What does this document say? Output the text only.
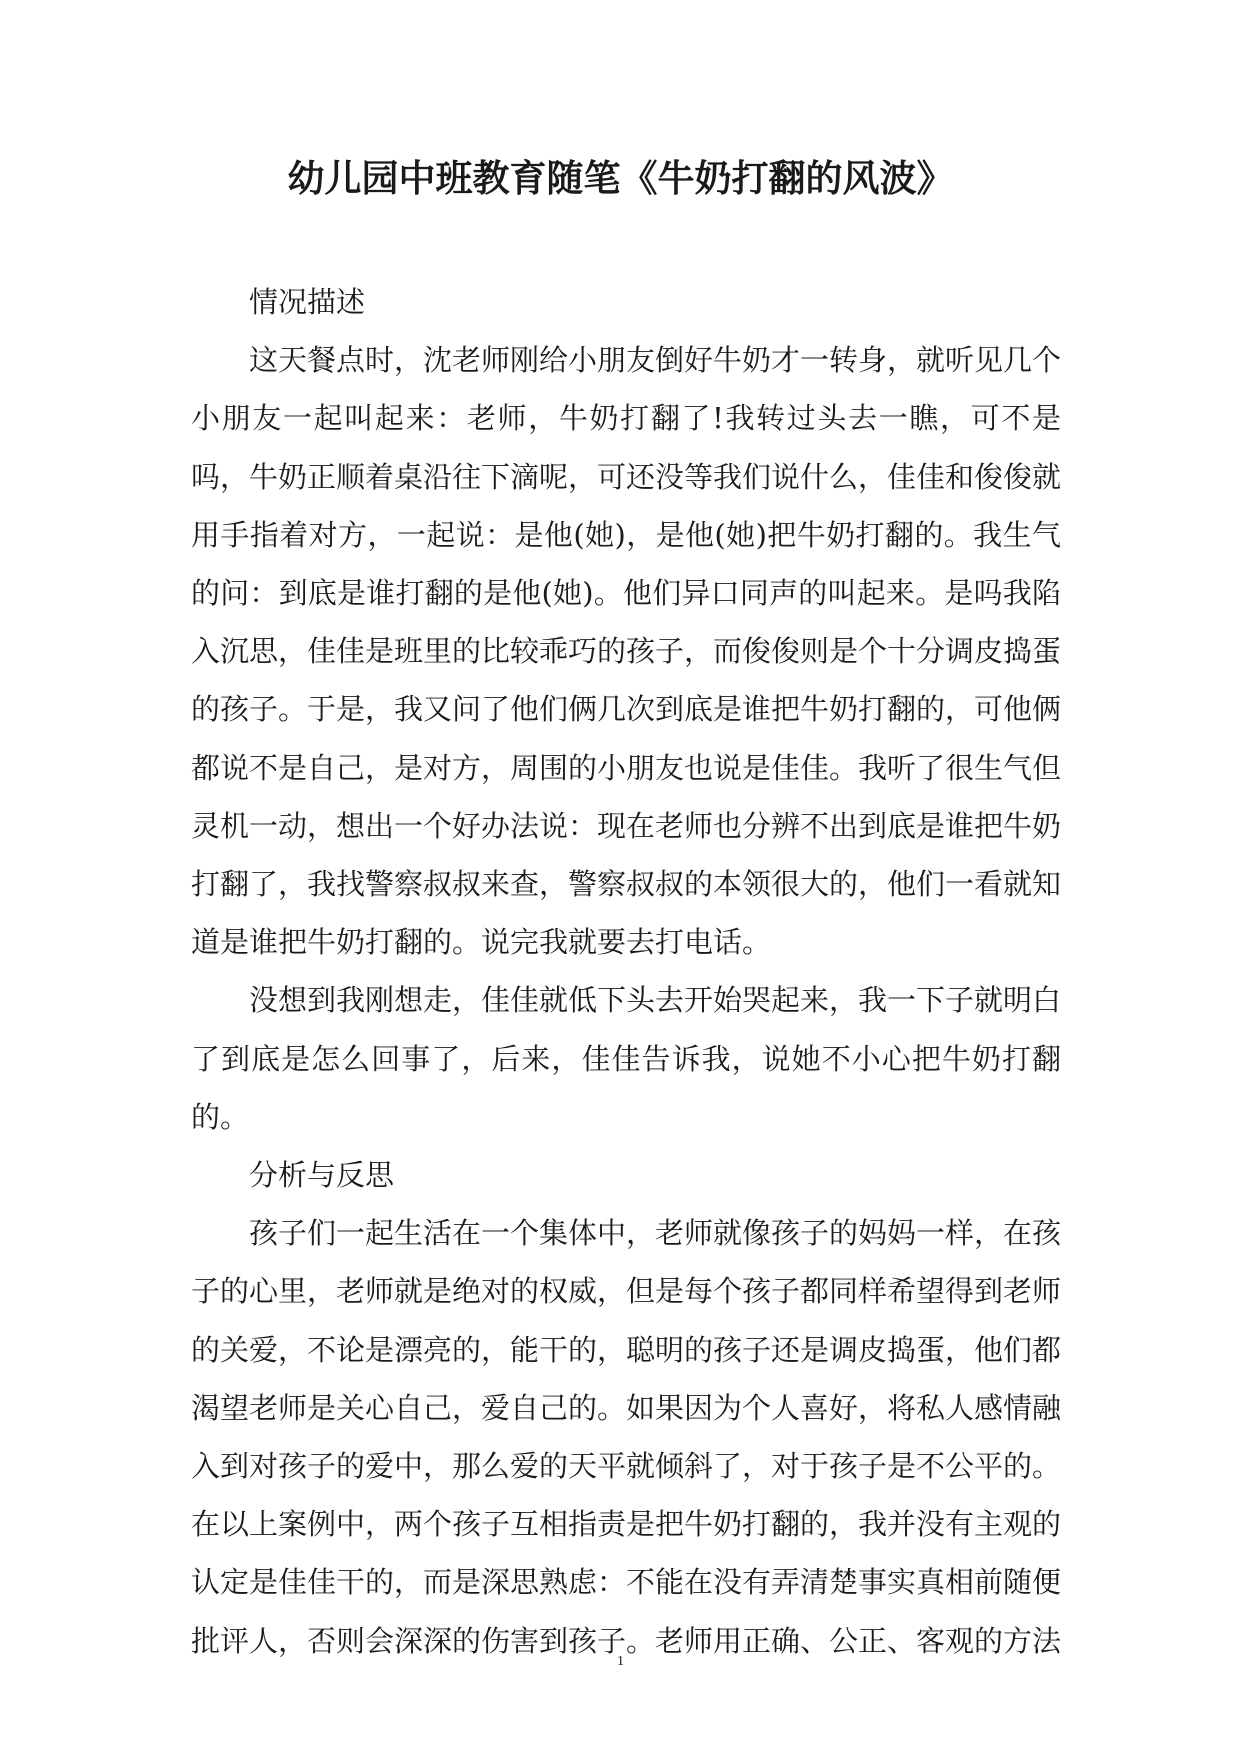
幼儿园中班教育随笔《牛奶打翻的风波》

情况描述

这天餐点时，沈老师刚给小朋友倒好牛奶才一转身，就听见几个小朋友一起叫起来：老师，牛奶打翻了!我转过头去一瞧，可不是吗，牛奶正顺着桌沿往下滴呢，可还没等我们说什么，佳佳和俊俊就用手指着对方，一起说：是他(她)，是他(她)把牛奶打翻的。我生气的问：到底是谁打翻的是他(她)。他们异口同声的叫起来。是吗我陷入沉思，佳佳是班里的比较乖巧的孩子，而俊俊则是个十分调皮捣蛋的孩子。于是，我又问了他们俩几次到底是谁把牛奶打翻的，可他俩都说不是自己，是对方，周围的小朋友也说是佳佳。我听了很生气但灵机一动，想出一个好办法说：现在老师也分辨不出到底是谁把牛奶打翻了，我找警察叔叔来查，警察叔叔的本领很大的，他们一看就知道是谁把牛奶打翻的。说完我就要去打电话。

没想到我刚想走，佳佳就低下头去开始哭起来，我一下子就明白了到底是怎么回事了，后来，佳佳告诉我，说她不小心把牛奶打翻的。

分析与反思

孩子们一起生活在一个集体中，老师就像孩子的妈妈一样，在孩子的心里，老师就是绝对的权威，但是每个孩子都同样希望得到老师的关爱，不论是漂亮的，能干的，聪明的孩子还是调皮捣蛋，他们都渴望老师是关心自己，爱自己的。如果因为个人喜好，将私人感情融入到对孩子的爱中，那么爱的天平就倾斜了，对于孩子是不公平的。在以上案例中，两个孩子互相指责是把牛奶打翻的，我并没有主观的认定是佳佳干的，而是深思熟虑：不能在没有弄清楚事实真相前随便批评人，否则会深深的伤害到孩子。老师用正确、公正、客观的方法

1
